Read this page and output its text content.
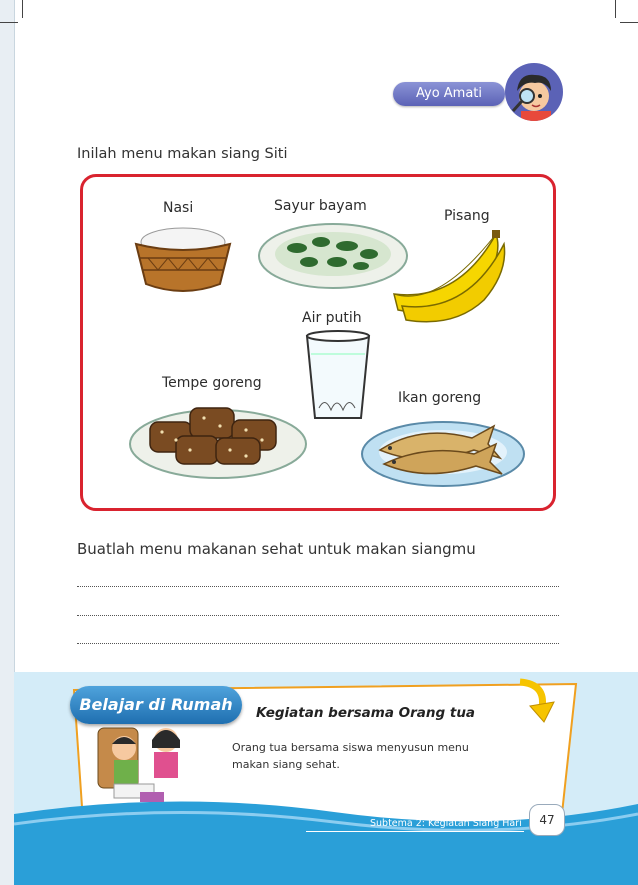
Ayo Amati
Inilah menu makan siang Siti
Nasi	Sayur bayam
Pisang
Air putih
Tempe goreng
Ikan goreng
Buatlah menu makanan sehat untuk makan siangmu
Belajar di Rumah	Kegiatan bersama Orang tua
Orang tua bersama siswa menyusun menu
makan siang sehat.
Subtema 2: Kegiatan Siang Hari	47
